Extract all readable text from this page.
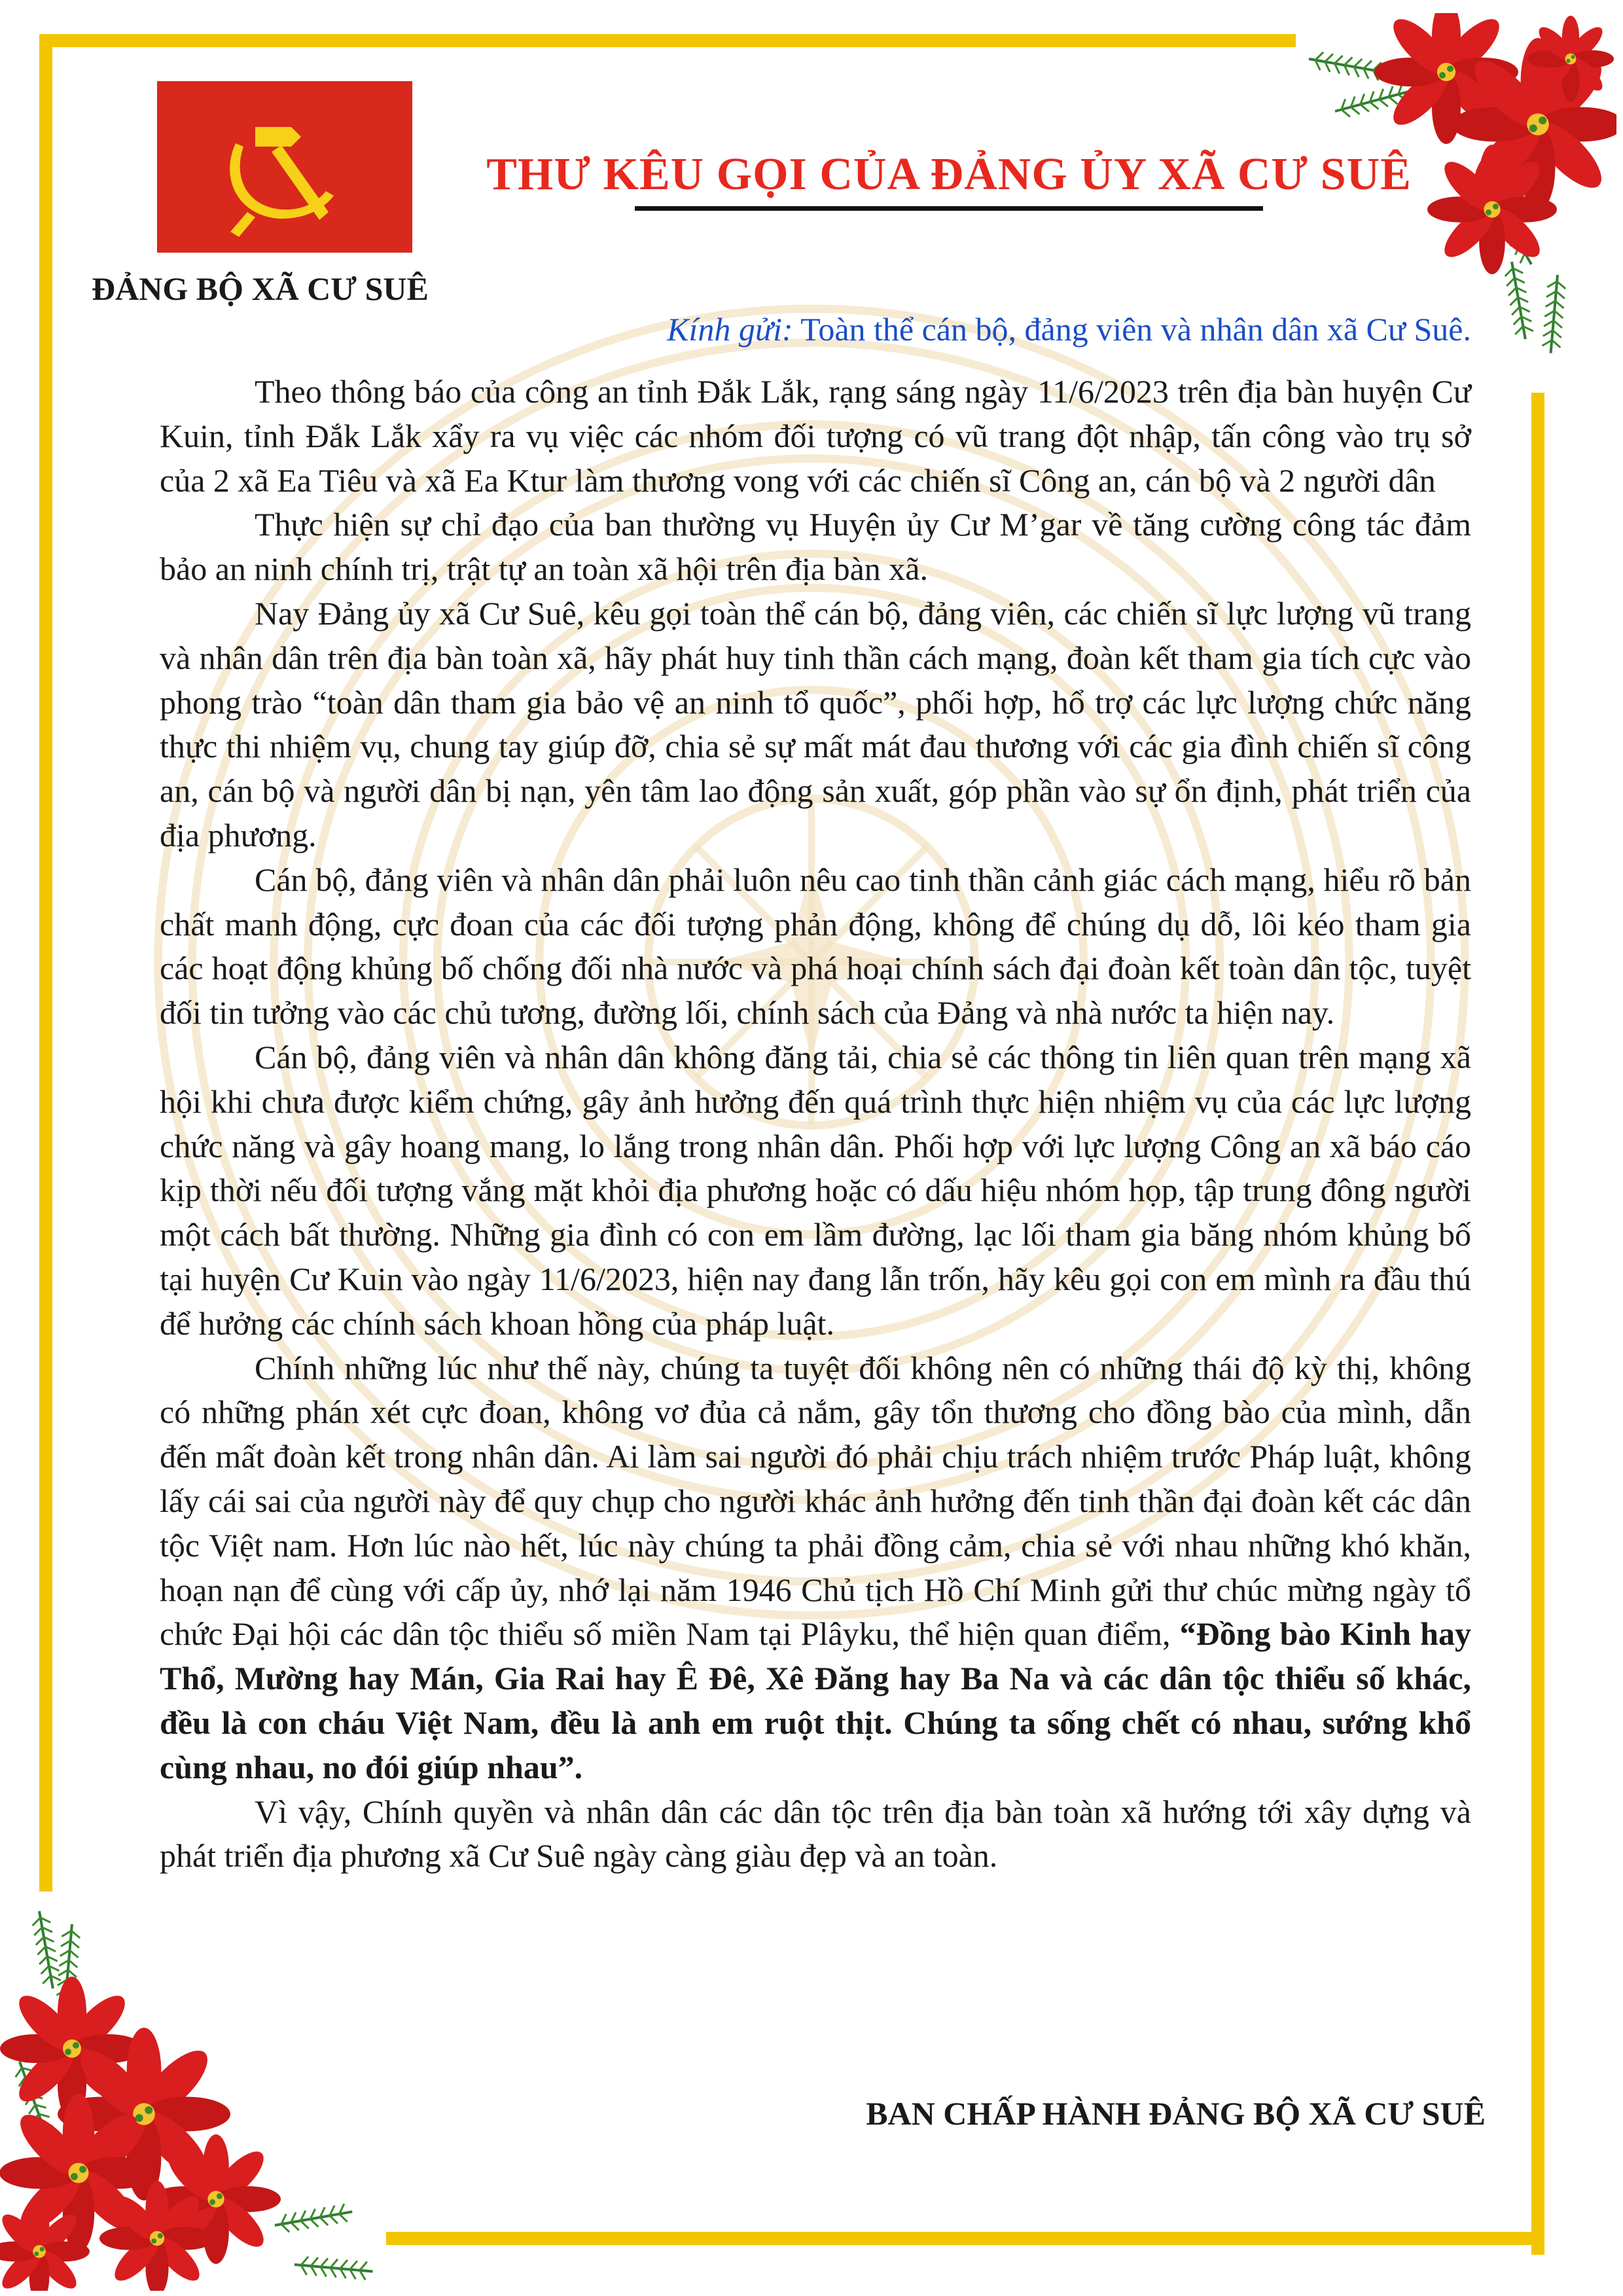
THƯ KÊU GỌI CỦA ĐẢNG ỦY XÃ CƯ SUÊ
ĐẢNG BỘ XÃ CƯ SUÊ
Kính gửi: Toàn thể cán bộ, đảng viên và nhân dân xã Cư Suê.

Theo thông báo của công an tỉnh Đắk Lắk, rạng sáng ngày 11/6/2023 trên địa bàn huyện Cư Kuin, tỉnh Đắk Lắk xẩy ra vụ việc các nhóm đối tượng có vũ trang đột nhập, tấn công vào trụ sở của 2 xã Ea Tiêu và xã Ea Ktur làm thương vong với các chiến sĩ Công an, cán bộ và 2 người dân

Thực hiện sự chỉ đạo của ban thường vụ Huyện ủy Cư M’gar về tăng cường công tác đảm bảo an ninh chính trị, trật tự an toàn xã hội trên địa bàn xã.

Nay Đảng ủy xã Cư Suê, kêu gọi toàn thể cán bộ, đảng viên, các chiến sĩ lực lượng vũ trang và nhân dân trên địa bàn toàn xã, hãy phát huy tinh thần cách mạng, đoàn kết tham gia tích cực vào phong trào “toàn dân tham gia bảo vệ an ninh tổ quốc”, phối hợp, hổ trợ các lực lượng chức năng thực thi nhiệm vụ, chung tay giúp đỡ, chia sẻ sự mất mát đau thương với các gia đình chiến sĩ công an, cán bộ và người dân bị nạn, yên tâm lao động sản xuất, góp phần vào sự ổn định, phát triển của địa phương.

Cán bộ, đảng viên và nhân dân phải luôn nêu cao tinh thần cảnh giác cách mạng, hiểu rõ bản chất manh động, cực đoan của các đối tượng phản động, không để chúng dụ dỗ, lôi kéo tham gia các hoạt động khủng bố chống đối nhà nước và phá hoại chính sách đại đoàn kết toàn dân tộc, tuyệt đối tin tưởng vào các chủ tương, đường lối, chính sách của Đảng và nhà nước ta hiện nay.

Cán bộ, đảng viên và nhân dân không đăng tải, chia sẻ các thông tin liên quan trên mạng xã hội khi chưa được kiểm chứng, gây ảnh hưởng đến quá trình thực hiện nhiệm vụ của các lực lượng chức năng và gây hoang mang, lo lắng trong nhân dân. Phối hợp với lực lượng Công an xã báo cáo kịp thời nếu đối tượng vắng mặt khỏi địa phương hoặc có dấu hiệu nhóm họp, tập trung đông người một cách bất thường. Những gia đình có con em lầm đường, lạc lối tham gia băng nhóm khủng bố tại huyện Cư Kuin vào ngày 11/6/2023, hiện nay đang lẫn trốn, hãy kêu gọi con em mình ra đầu thú để hưởng các chính sách khoan hồng của pháp luật.

Chính những lúc như thế này, chúng ta tuyệt đối không nên có những thái độ kỳ thị, không có những phán xét cực đoan, không vơ đủa cả nắm, gây tổn thương cho đồng bào của mình, dẫn đến mất đoàn kết trong nhân dân. Ai làm sai người đó phải chịu trách nhiệm trước Pháp luật, không lấy cái sai của người này để quy chụp cho người khác ảnh hưởng đến tinh thần đại đoàn kết các dân tộc Việt nam. Hơn lúc nào hết, lúc này chúng ta phải đồng cảm, chia sẻ với nhau những khó khăn, hoạn nạn để cùng với cấp ủy, nhớ lại năm 1946 Chủ tịch Hồ Chí Minh gửi thư chúc mừng ngày tổ chức Đại hội các dân tộc thiểu số miền Nam tại Plâyku, thể hiện quan điểm, “Đồng bào Kinh hay Thổ, Mường hay Mán, Gia Rai hay Ê Đê, Xê Đăng hay Ba Na và các dân tộc thiểu số khác, đều là con cháu Việt Nam, đều là anh em ruột thịt. Chúng ta sống chết có nhau, sướng khổ cùng nhau, no đói giúp nhau”.

Vì vậy, Chính quyền và nhân dân các dân tộc trên địa bàn toàn xã hướng tới xây dựng và phát triển địa phương xã Cư Suê ngày càng giàu đẹp và an toàn.

BAN CHẤP HÀNH ĐẢNG BỘ XÃ CƯ SUÊ
